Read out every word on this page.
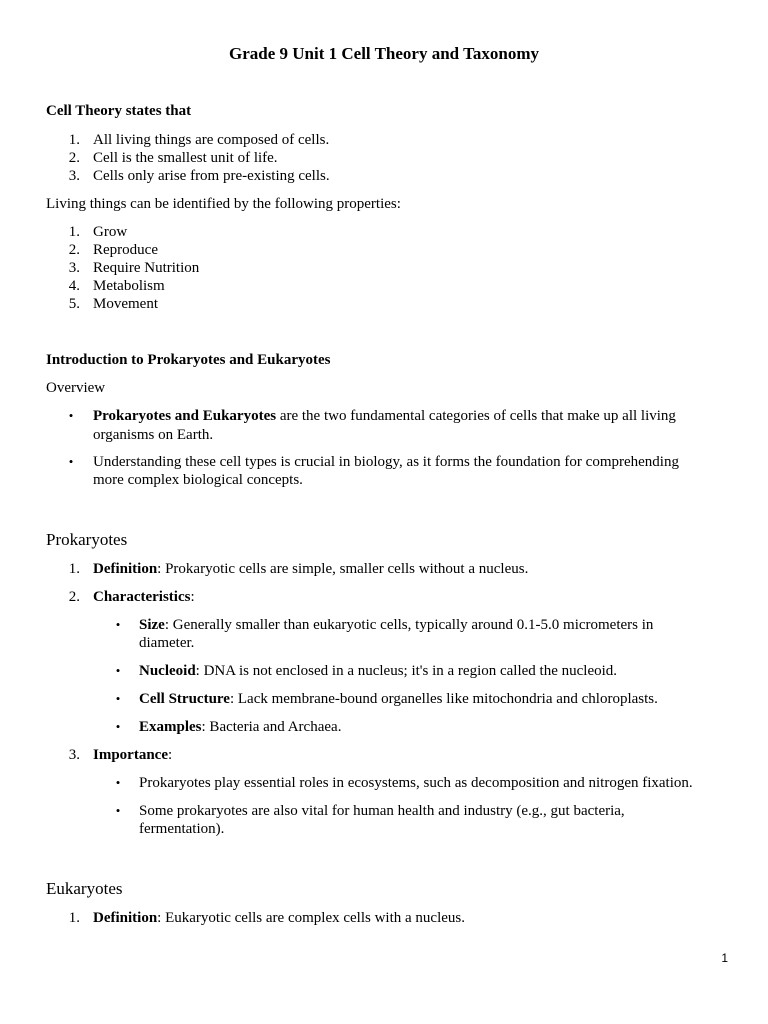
Grade 9 Unit 1 Cell Theory and Taxonomy
Cell Theory states that
1. All living things are composed of cells.
2. Cell is the smallest unit of life.
3. Cells only arise from pre-existing cells.
Living things can be identified by the following properties:
1. Grow
2. Reproduce
3. Require Nutrition
4. Metabolism
5. Movement
Introduction to Prokaryotes and Eukaryotes
Overview
• Prokaryotes and Eukaryotes are the two fundamental categories of cells that make up all living
organisms on Earth.
• Understanding these cell types is crucial in biology, as it forms the foundation for comprehending
more complex biological concepts.
Prokaryotes
1. Definition: Prokaryotic cells are simple, smaller cells without a nucleus.
2. Characteristics:
• Size: Generally smaller than eukaryotic cells, typically around 0.1-5.0 micrometers in
diameter.
• Nucleoid: DNA is not enclosed in a nucleus; it's in a region called the nucleoid.
• Cell Structure: Lack membrane-bound organelles like mitochondria and chloroplasts.
• Examples: Bacteria and Archaea.
3. Importance:
• Prokaryotes play essential roles in ecosystems, such as decomposition and nitrogen fixation.
• Some prokaryotes are also vital for human health and industry (e.g., gut bacteria,
fermentation).
Eukaryotes
1. Definition: Eukaryotic cells are complex cells with a nucleus.
1
